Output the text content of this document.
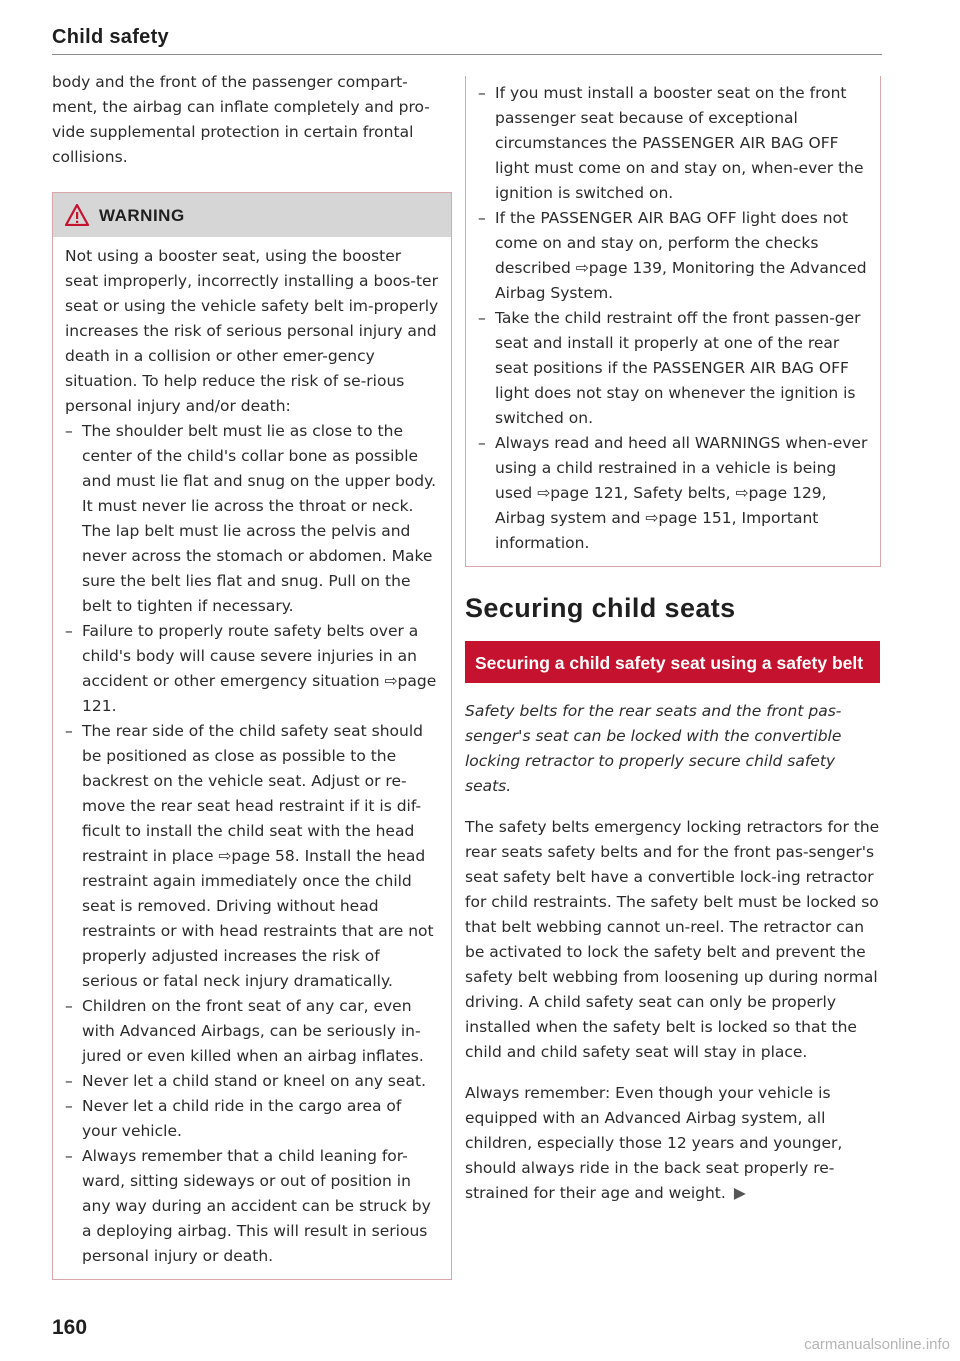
Child safety

body and the front of the passenger compart-ment, the airbag can inflate completely and pro-vide supplemental protection in certain frontal collisions.

WARNING

Not using a booster seat, using the booster seat improperly, incorrectly installing a boos-ter seat or using the vehicle safety belt im-properly increases the risk of serious personal injury and death in a collision or other emer-gency situation. To help reduce the risk of se-rious personal injury and/or death:

– The shoulder belt must lie as close to the center of the child's collar bone as possible and must lie flat and snug on the upper body. It must never lie across the throat or neck. The lap belt must lie across the pelvis and never across the stomach or abdomen. Make sure the belt lies flat and snug. Pull on the belt to tighten if necessary.
– Failure to properly route safety belts over a child's body will cause severe injuries in an accident or other emergency situation ⇨page 121.
– The rear side of the child safety seat should be positioned as close as possible to the backrest on the vehicle seat. Adjust or re-move the rear seat head restraint if it is dif-ficult to install the child seat with the head restraint in place ⇨page 58. Install the head restraint again immediately once the child seat is removed. Driving without head restraints or with head restraints that are not properly adjusted increases the risk of serious or fatal neck injury dramatically.
– Children on the front seat of any car, even with Advanced Airbags, can be seriously in-jured or even killed when an airbag inflates.
– Never let a child stand or kneel on any seat.
– Never let a child ride in the cargo area of your vehicle.
– Always remember that a child leaning for-ward, sitting sideways or out of position in any way during an accident can be struck by a deploying airbag. This will result in serious personal injury or death.
– If you must install a booster seat on the front passenger seat because of exceptional circumstances the PASSENGER AIR BAG OFF light must come on and stay on, when-ever the ignition is switched on.
– If the PASSENGER AIR BAG OFF light does not come on and stay on, perform the checks described ⇨page 139, Monitoring the Advanced Airbag System.
– Take the child restraint off the front passen-ger seat and install it properly at one of the rear seat positions if the PASSENGER AIR BAG OFF light does not stay on whenever the ignition is switched on.
– Always read and heed all WARNINGS when-ever using a child restrained in a vehicle is being used ⇨page 121, Safety belts, ⇨page 129, Airbag system and ⇨page 151, Important information.
Securing child seats
Securing a child safety seat using a safety belt

Safety belts for the rear seats and the front pas-senger's seat can be locked with the convertible locking retractor to properly secure child safety seats.

The safety belts emergency locking retractors for the rear seats safety belts and for the front pas-senger's seat safety belt have a convertible lock-ing retractor for child restraints. The safety belt must be locked so that belt webbing cannot un-reel. The retractor can be activated to lock the safety belt and prevent the safety belt webbing from loosening up during normal driving. A child safety seat can only be properly installed when the safety belt is locked so that the child and child safety seat will stay in place.

Always remember: Even though your vehicle is equipped with an Advanced Airbag system, all children, especially those 12 years and younger, should always ride in the back seat properly re-strained for their age and weight. ▶

160
carmanualsonline.info
